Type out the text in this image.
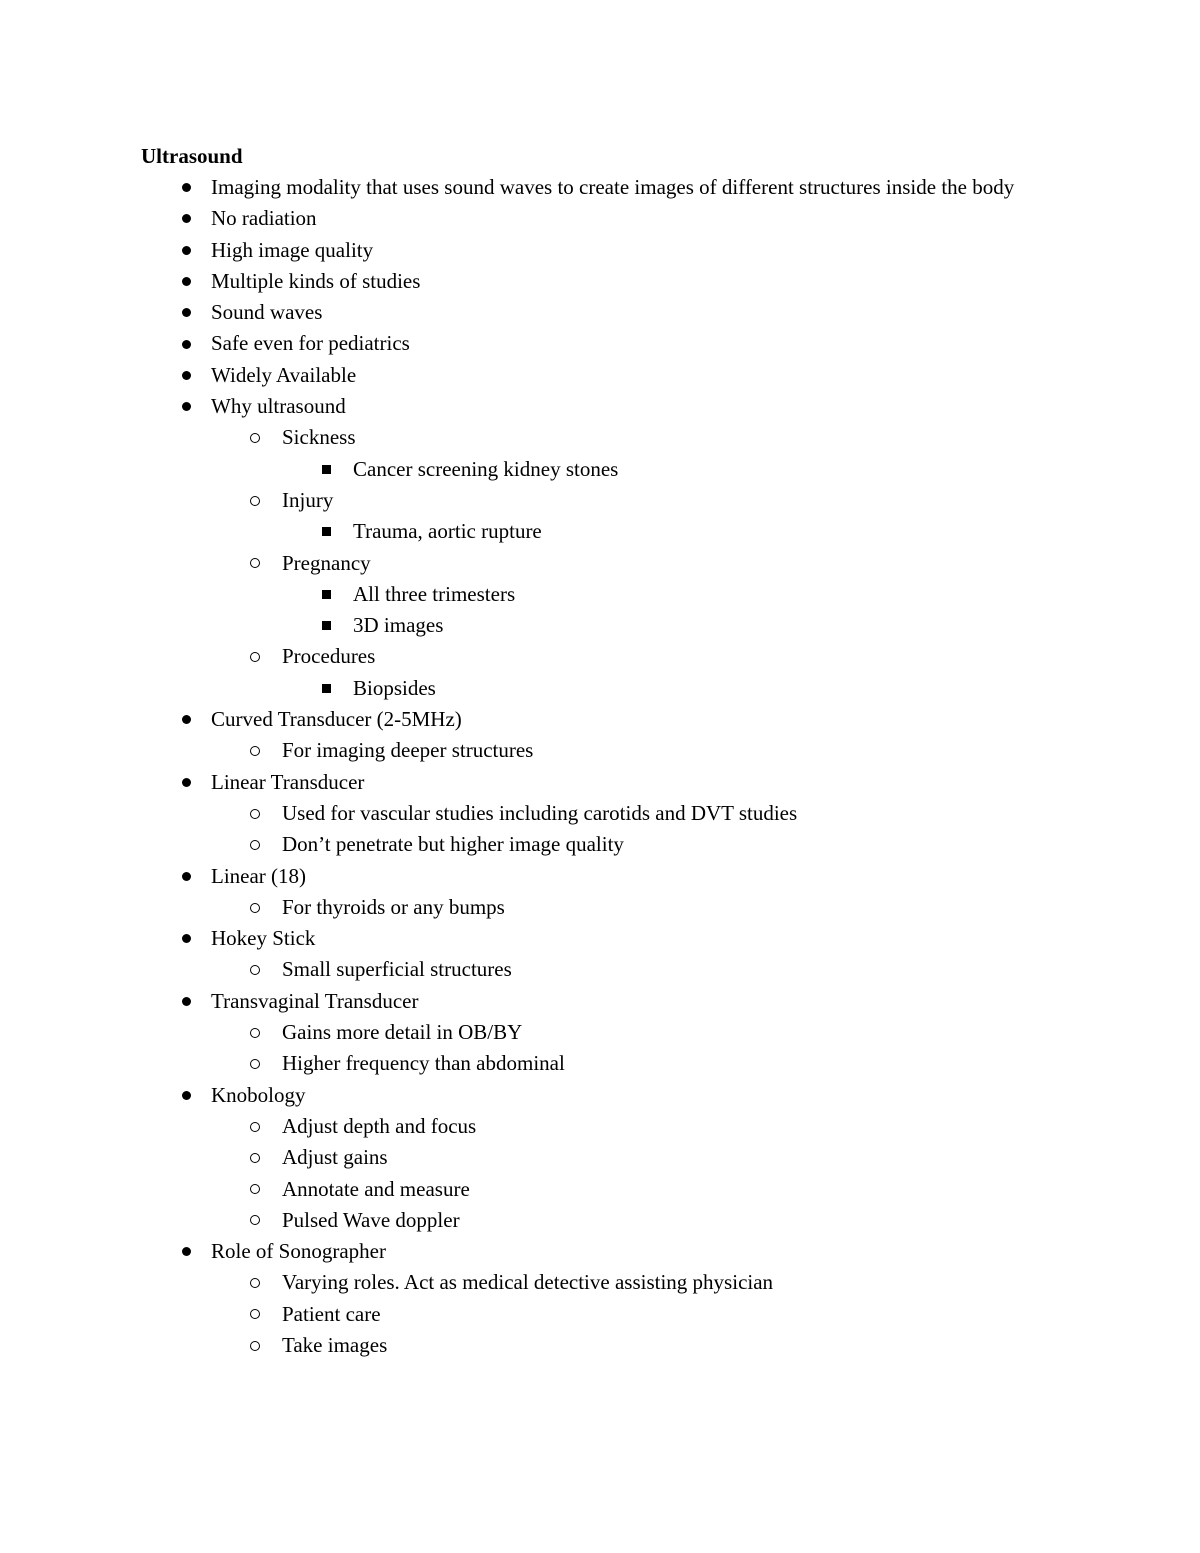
Ultrasound
Imaging modality that uses sound waves to create images of different structures inside the body
No radiation
High image quality
Multiple kinds of studies
Sound waves
Safe even for pediatrics
Widely Available
Why ultrasound
Sickness
Cancer screening kidney stones
Injury
Trauma, aortic rupture
Pregnancy
All three trimesters
3D images
Procedures
Biopsides
Curved Transducer (2-5MHz)
For imaging deeper structures
Linear Transducer
Used for vascular studies including carotids and DVT studies
Don’t penetrate but higher image quality
Linear (18)
For thyroids or any bumps
Hokey Stick
Small superficial structures
Transvaginal Transducer
Gains more detail in OB/BY
Higher frequency than abdominal
Knobology
Adjust depth and focus
Adjust gains
Annotate and measure
Pulsed Wave doppler
Role of Sonographer
Varying roles. Act as medical detective assisting physician
Patient care
Take images
